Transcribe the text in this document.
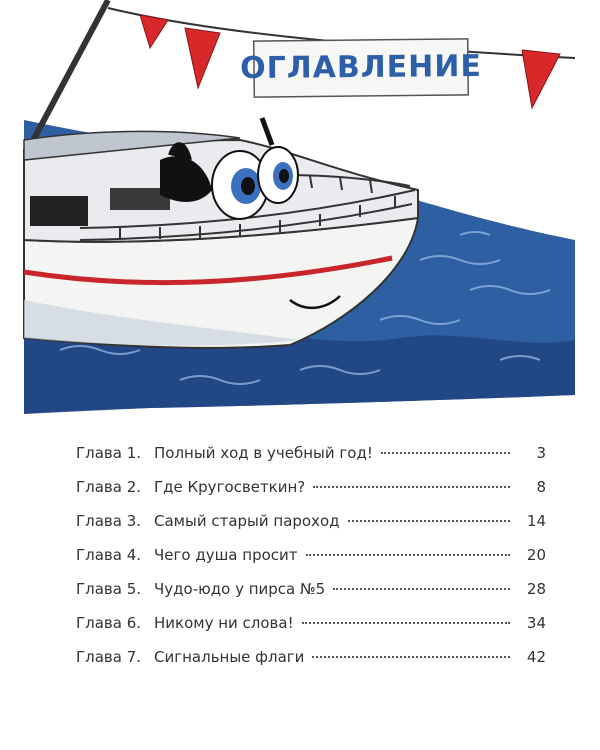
ОГЛАВЛЕНИЕ
Глава 1. Полный ход в учебный год!	3
Глава 2. Где Кругосветкин?	8
Глава 3. Самый старый пароход	14
Глава 4. Чего душа просит	20
Глава 5. Чудо-юдо у пирса №5	28
Глава 6. Никому ни слова!	34
Глава 7. Сигнальные флаги	42
